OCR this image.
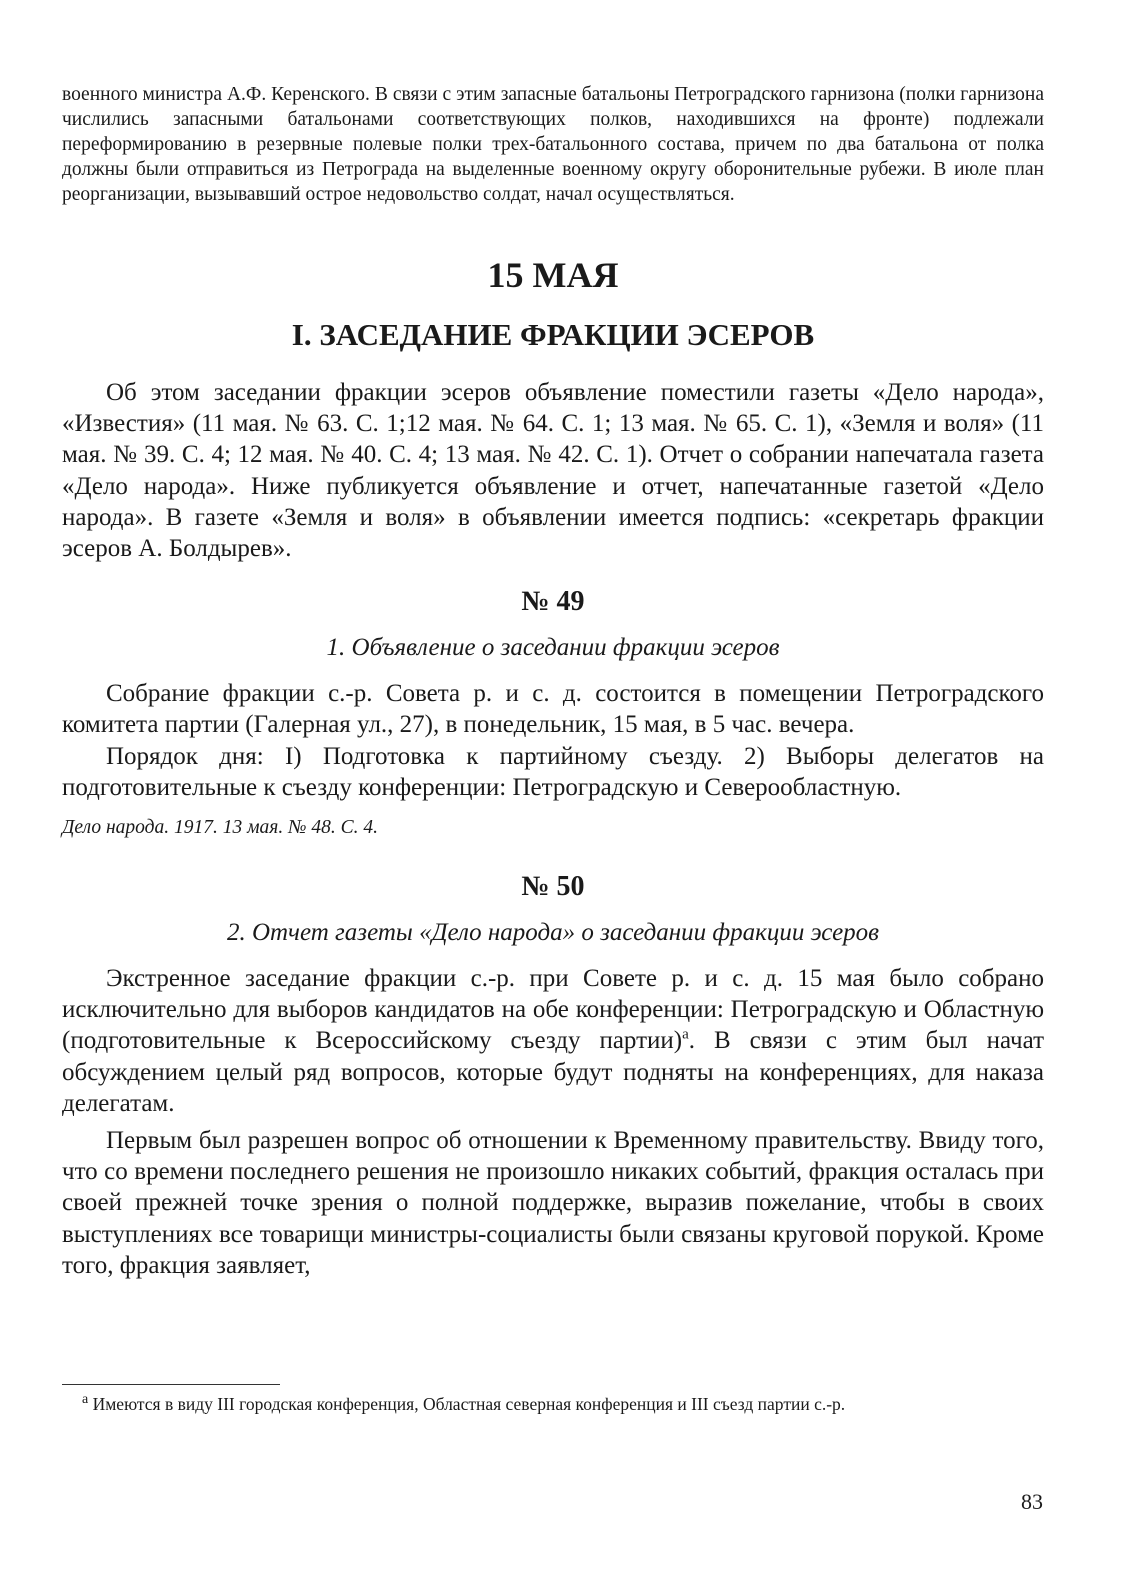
военного министра А.Ф. Керенского. В связи с этим запасные батальоны Петроградского гарнизона (полки гарнизона числились запасными батальонами соответствующих полков, находившихся на фронте) подлежали переформированию в резервные полевые полки трех-батальонного состава, причем по два батальона от полка должны были отправиться из Петрограда на выделенные военному округу оборонительные рубежи. В июле план реорганизации, вызывавший острое недовольство солдат, начал осуществляться.

15 МАЯ
I. ЗАСЕДАНИЕ ФРАКЦИИ ЭСЕРОВ

Об этом заседании фракции эсеров объявление поместили газеты «Дело народа», «Известия» (11 мая. № 63. С. 1;12 мая. № 64. С. 1; 13 мая. № 65. С. 1), «Земля и воля» (11 мая. № 39. С. 4; 12 мая. № 40. С. 4; 13 мая. № 42. С. 1). Отчет о собрании напечатала газета «Дело народа». Ниже публикуется объявление и отчет, напечатанные газетой «Дело народа». В газете «Земля и воля» в объявлении имеется подпись: «секретарь фракции эсеров А. Болдырев».

№ 49
1. Объявление о заседании фракции эсеров

Собрание фракции с.-р. Совета р. и с. д. состоится в помещении Петроградского комитета партии (Галерная ул., 27), в понедельник, 15 мая, в 5 час. вечера.

Порядок дня: I) Подготовка к партийному съезду. 2) Выборы делегатов на подготовительные к съезду конференции: Петроградскую и Северообластную.

Дело народа. 1917. 13 мая. № 48. С. 4.

№ 50
2. Отчет газеты «Дело народа» о заседании фракции эсеров

Экстренное заседание фракции с.-р. при Совете р. и с. д. 15 мая было собрано исключительно для выборов кандидатов на обе конференции: Петроградскую и Областную (подготовительные к Всероссийскому съезду партии)$^а$. В связи с этим был начат обсуждением целый ряд вопросов, которые будут подняты на конференциях, для наказа делегатам.

Первым был разрешен вопрос об отношении к Временному правительству. Ввиду того, что со времени последнего решения не произошло никаких событий, фракция осталась при своей прежней точке зрения о полной поддержке, выразив пожелание, чтобы в своих выступлениях все товарищи министры-социалисты были связаны круговой порукой. Кроме того, фракция заявляет,

$^а$ Имеются в виду III городская конференция, Областная северная конференция и III съезд партии с.-р.
83
